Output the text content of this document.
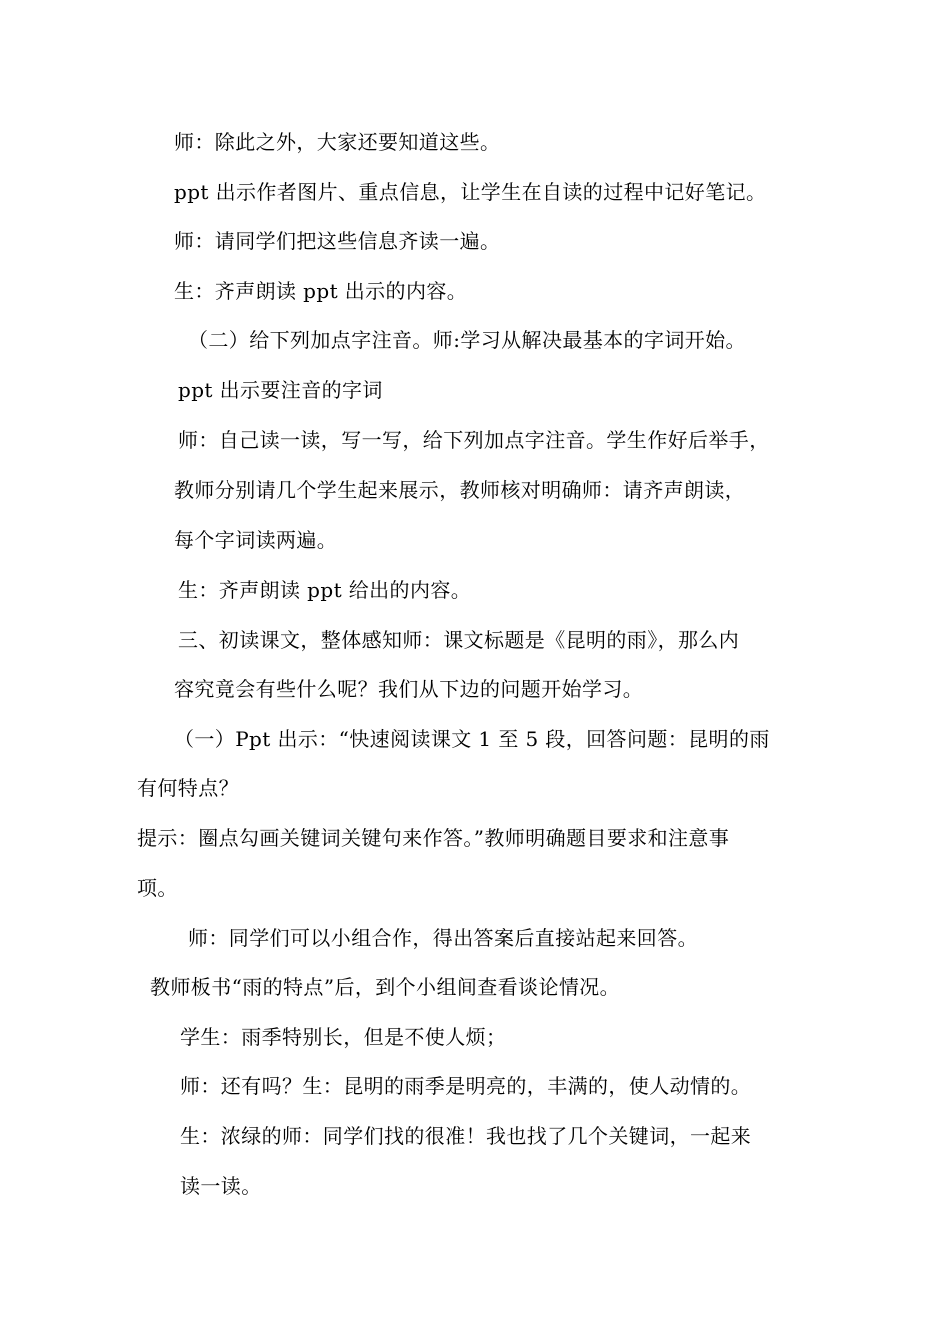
师：除此之外，大家还要知道这些。
ppt 出示作者图片、重点信息，让学生在自读的过程中记好笔记。
师：请同学们把这些信息齐读一遍。
生：齐声朗读 ppt 出示的内容。
（二）给下列加点字注音。师:学习从解决最基本的字词开始。
ppt 出示要注音的字词
师：自己读一读，写一写，给下列加点字注音。学生作好后举手，
教师分别请几个学生起来展示，教师核对明确师：请齐声朗读，
每个字词读两遍。
生：齐声朗读 ppt 给出的内容。
三、初读课文，整体感知师：课文标题是《昆明的雨》，那么内
容究竟会有些什么呢？我们从下边的问题开始学习。
（一）Ppt 出示：“快速阅读课文 1 至 5 段，回答问题：昆明的雨
有何特点？
提示：圈点勾画关键词关键句来作答。”教师明确题目要求和注意事
项。
师：同学们可以小组合作，得出答案后直接站起来回答。
教师板书“雨的特点”后，到个小组间查看谈论情况。
学生：雨季特别长，但是不使人烦；
师：还有吗？生：昆明的雨季是明亮的，丰满的，使人动情的。
生：浓绿的师：同学们找的很准！我也找了几个关键词，一起来
读一读。
